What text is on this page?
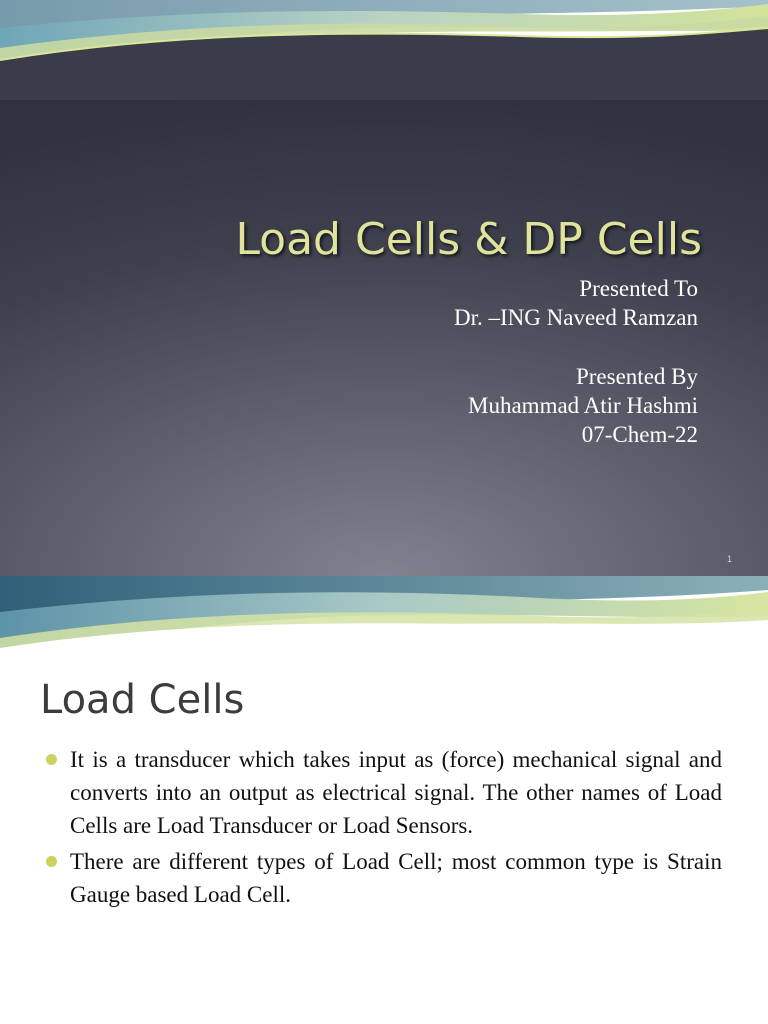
Load Cells & DP Cells
Presented To
Dr. –ING Naveed Ramzan
Presented By
Muhammad Atir Hashmi
07-Chem-22
1
Load Cells
It is a transducer which takes input as (force) mechanical signal and converts into an output as electrical signal. The other names of Load Cells are Load Transducer or Load Sensors.
There are different types of Load Cell; most common type is Strain Gauge based Load Cell.
